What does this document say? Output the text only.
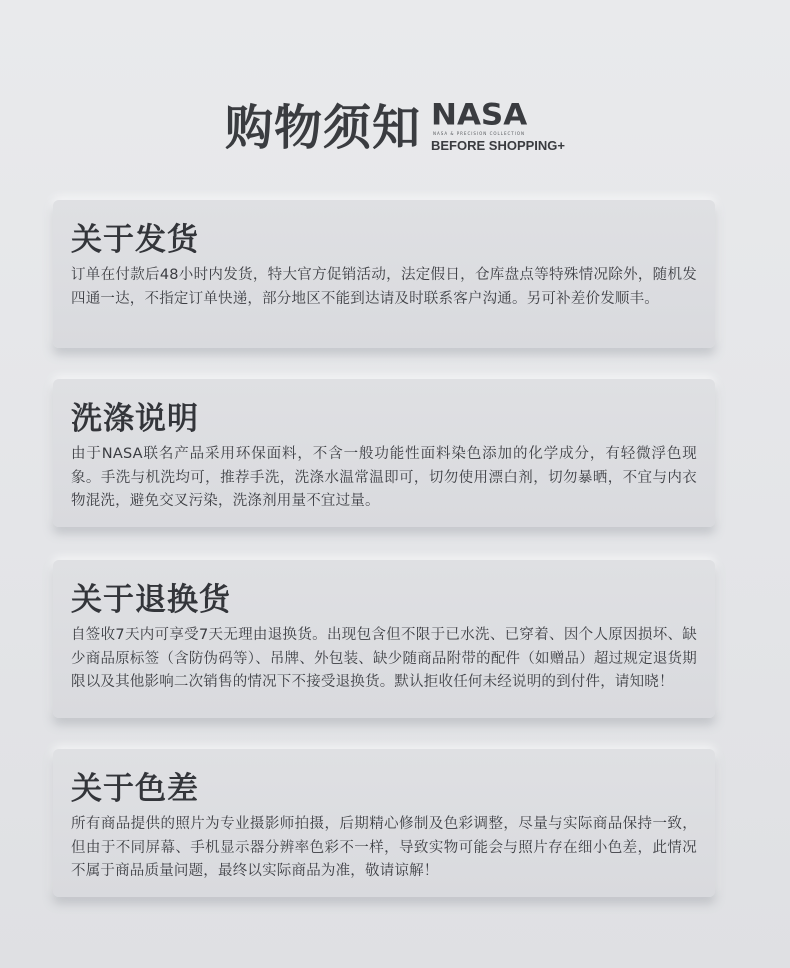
购物须知 NASA
NASA & PRECISION COLLECTION
BEFORE SHOPPING+
关于发货
订单在付款后48小时内发货，特大官方促销活动，法定假日，仓库盘点等特殊情况除外，随机发四通一达，不指定订单快递，部分地区不能到达请及时联系客户沟通。另可补差价发顺丰。
洗涤说明
由于NASA联名产品采用环保面料，不含一般功能性面料染色添加的化学成分，有轻微浮色现象。手洗与机洗均可，推荐手洗，洗涤水温常温即可，切勿使用漂白剂，切勿暴晒，不宜与内衣物混洗，避免交叉污染，洗涤剂用量不宜过量。
关于退换货
自签收7天内可享受7天无理由退换货。出现包含但不限于已水洗、已穿着、因个人原因损坏、缺少商品原标签（含防伪码等）、吊牌、外包装、缺少随商品附带的配件（如赠品）超过规定退货期限以及其他影响二次销售的情况下不接受退换货。默认拒收任何未经说明的到付件，请知晓！
关于色差
所有商品提供的照片为专业摄影师拍摄，后期精心修制及色彩调整，尽量与实际商品保持一致，但由于不同屏幕、手机显示器分辨率色彩不一样，导致实物可能会与照片存在细小色差，此情况不属于商品质量问题，最终以实际商品为准，敬请谅解！
